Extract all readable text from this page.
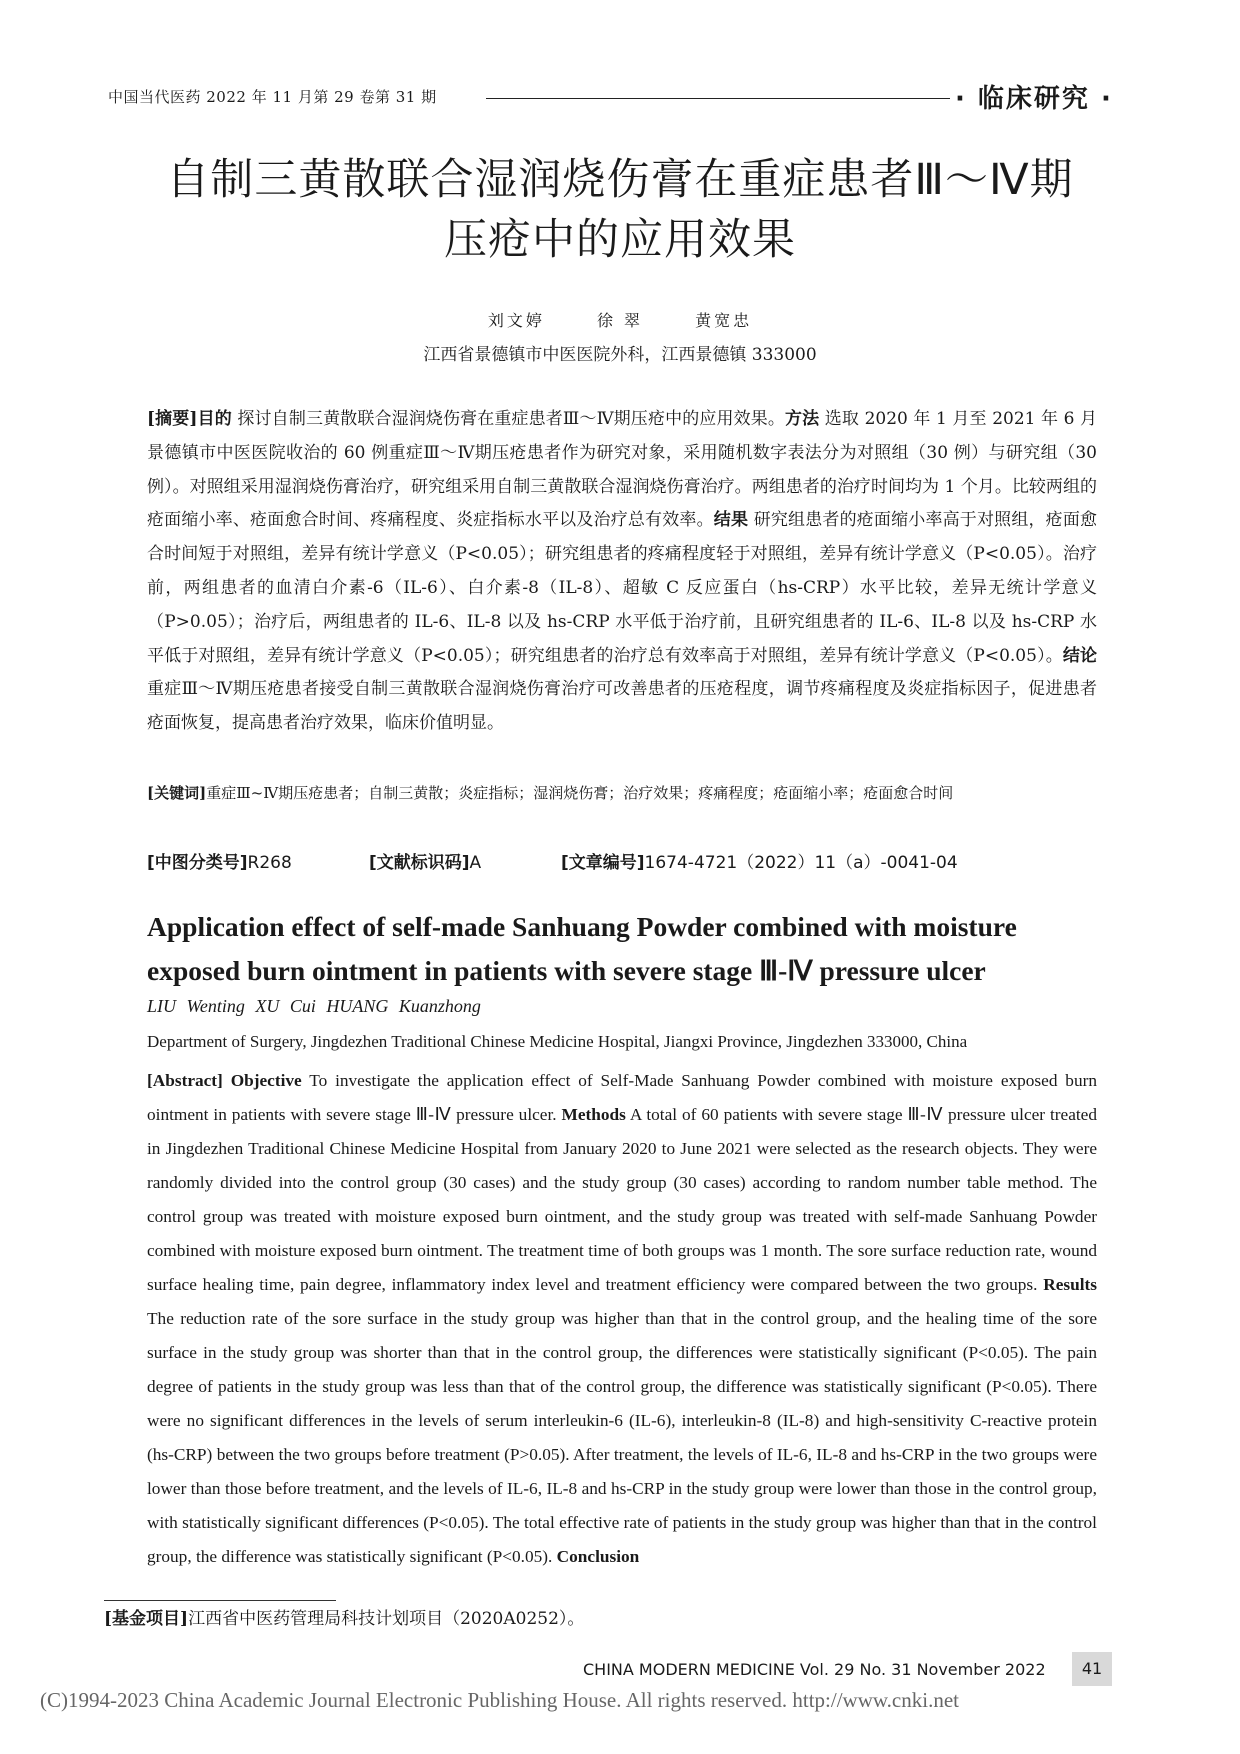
中国当代医药 2022 年 11 月第 29 卷第 31 期	· 临床研究 ·
自制三黄散联合湿润烧伤膏在重症患者Ⅲ～Ⅳ期
压疮中的应用效果
刘文婷	徐 翠	黄宽忠
江西省景德镇市中医医院外科，江西景德镇 333000
[摘要]目的 探讨自制三黄散联合湿润烧伤膏在重症患者Ⅲ～Ⅳ期压疮中的应用效果。方法 选取 2020 年 1 月至 2021 年 6 月景德镇市中医医院收治的 60 例重症Ⅲ～Ⅳ期压疮患者作为研究对象，采用随机数字表法分为对照组（30 例）与研究组（30 例）。对照组采用湿润烧伤膏治疗，研究组采用自制三黄散联合湿润烧伤膏治疗。两组患者的治疗时间均为 1 个月。比较两组的疮面缩小率、疮面愈合时间、疼痛程度、炎症指标水平以及治疗总有效率。结果 研究组患者的疮面缩小率高于对照组，疮面愈合时间短于对照组，差异有统计学意义（P<0.05）；研究组患者的疼痛程度轻于对照组，差异有统计学意义（P<0.05）。治疗前，两组患者的血清白介素-6（IL-6）、白介素-8（IL-8）、超敏 C 反应蛋白（hs-CRP）水平比较，差异无统计学意义（P>0.05）；治疗后，两组患者的 IL-6、IL-8 以及 hs-CRP 水平低于治疗前，且研究组患者的 IL-6、IL-8 以及 hs-CRP 水平低于对照组，差异有统计学意义（P<0.05）；研究组患者的治疗总有效率高于对照组，差异有统计学意义（P<0.05）。结论 重症Ⅲ～Ⅳ期压疮患者接受自制三黄散联合湿润烧伤膏治疗可改善患者的压疮程度，调节疼痛程度及炎症指标因子，促进患者疮面恢复，提高患者治疗效果，临床价值明显。
[关键词]重症Ⅲ~Ⅳ期压疮患者；自制三黄散；炎症指标；湿润烧伤膏；治疗效果；疼痛程度；疮面缩小率；疮面愈合时间
[中图分类号]R268	[文献标识码]A	[文章编号]1674-4721（2022）11（a）-0041-04
Application effect of self-made Sanhuang Powder combined with moisture exposed burn ointment in patients with severe stage Ⅲ-Ⅳ pressure ulcer
LIU Wenting XU Cui HUANG Kuanzhong
Department of Surgery, Jingdezhen Traditional Chinese Medicine Hospital, Jiangxi Province, Jingdezhen 333000, China
[Abstract] Objective To investigate the application effect of Self-Made Sanhuang Powder combined with moisture exposed burn ointment in patients with severe stage Ⅲ-Ⅳ pressure ulcer. Methods A total of 60 patients with severe stage Ⅲ-Ⅳ pressure ulcer treated in Jingdezhen Traditional Chinese Medicine Hospital from January 2020 to June 2021 were selected as the research objects. They were randomly divided into the control group (30 cases) and the study group (30 cases) according to random number table method. The control group was treated with moisture exposed burn ointment, and the study group was treated with self-made Sanhuang Powder combined with moisture exposed burn ointment. The treatment time of both groups was 1 month. The sore surface reduction rate, wound surface healing time, pain degree, inflammatory index level and treatment efficiency were compared between the two groups. Results The reduction rate of the sore surface in the study group was higher than that in the control group, and the healing time of the sore surface in the study group was shorter than that in the control group, the differences were statistically significant (P<0.05). The pain degree of patients in the study group was less than that of the control group, the difference was statistically significant (P<0.05). There were no significant differences in the levels of serum interleukin-6 (IL-6), interleukin-8 (IL-8) and high-sensitivity C-reactive protein (hs-CRP) between the two groups before treatment (P>0.05). After treatment, the levels of IL-6, IL-8 and hs-CRP in the two groups were lower than those before treatment, and the levels of IL-6, IL-8 and hs-CRP in the study group were lower than those in the control group, with statistically significant differences (P<0.05). The total effective rate of patients in the study group was higher than that in the control group, the difference was statistically significant (P<0.05). Conclusion
[基金项目]江西省中医药管理局科技计划项目（2020A0252）。
CHINA MODERN MEDICINE Vol. 29 No. 31 November 2022	41
(C)1994-2023 China Academic Journal Electronic Publishing House. All rights reserved. http://www.cnki.net
